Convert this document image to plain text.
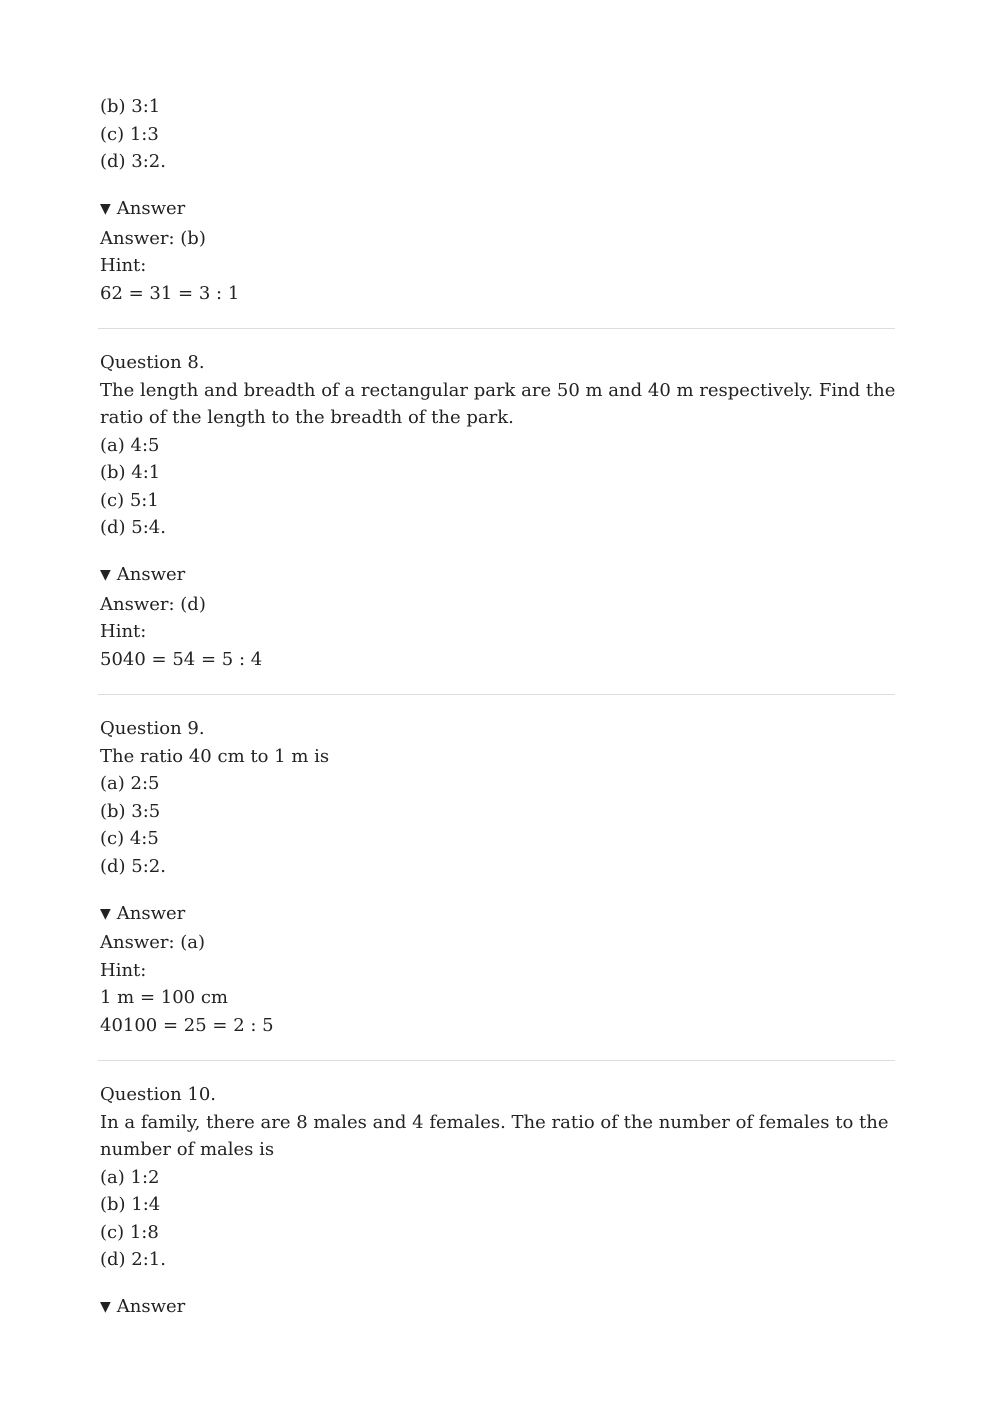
(b) 3:1
(c) 1:3
(d) 3:2.
▼ Answer
Answer: (b)
Hint:
62 = 31 = 3 : 1
Question 8.
The length and breadth of a rectangular park are 50 m and 40 m respectively. Find the
ratio of the length to the breadth of the park.
(a) 4:5
(b) 4:1
(c) 5:1
(d) 5:4.
▼ Answer
Answer: (d)
Hint:
5040 = 54 = 5 : 4
Question 9.
The ratio 40 cm to 1 m is
(a) 2:5
(b) 3:5
(c) 4:5
(d) 5:2.
▼ Answer
Answer: (a)
Hint:
1 m = 100 cm
40100 = 25 = 2 : 5
Question 10.
In a family, there are 8 males and 4 females. The ratio of the number of females to the
number of males is
(a) 1:2
(b) 1:4
(c) 1:8
(d) 2:1.
▼ Answer
